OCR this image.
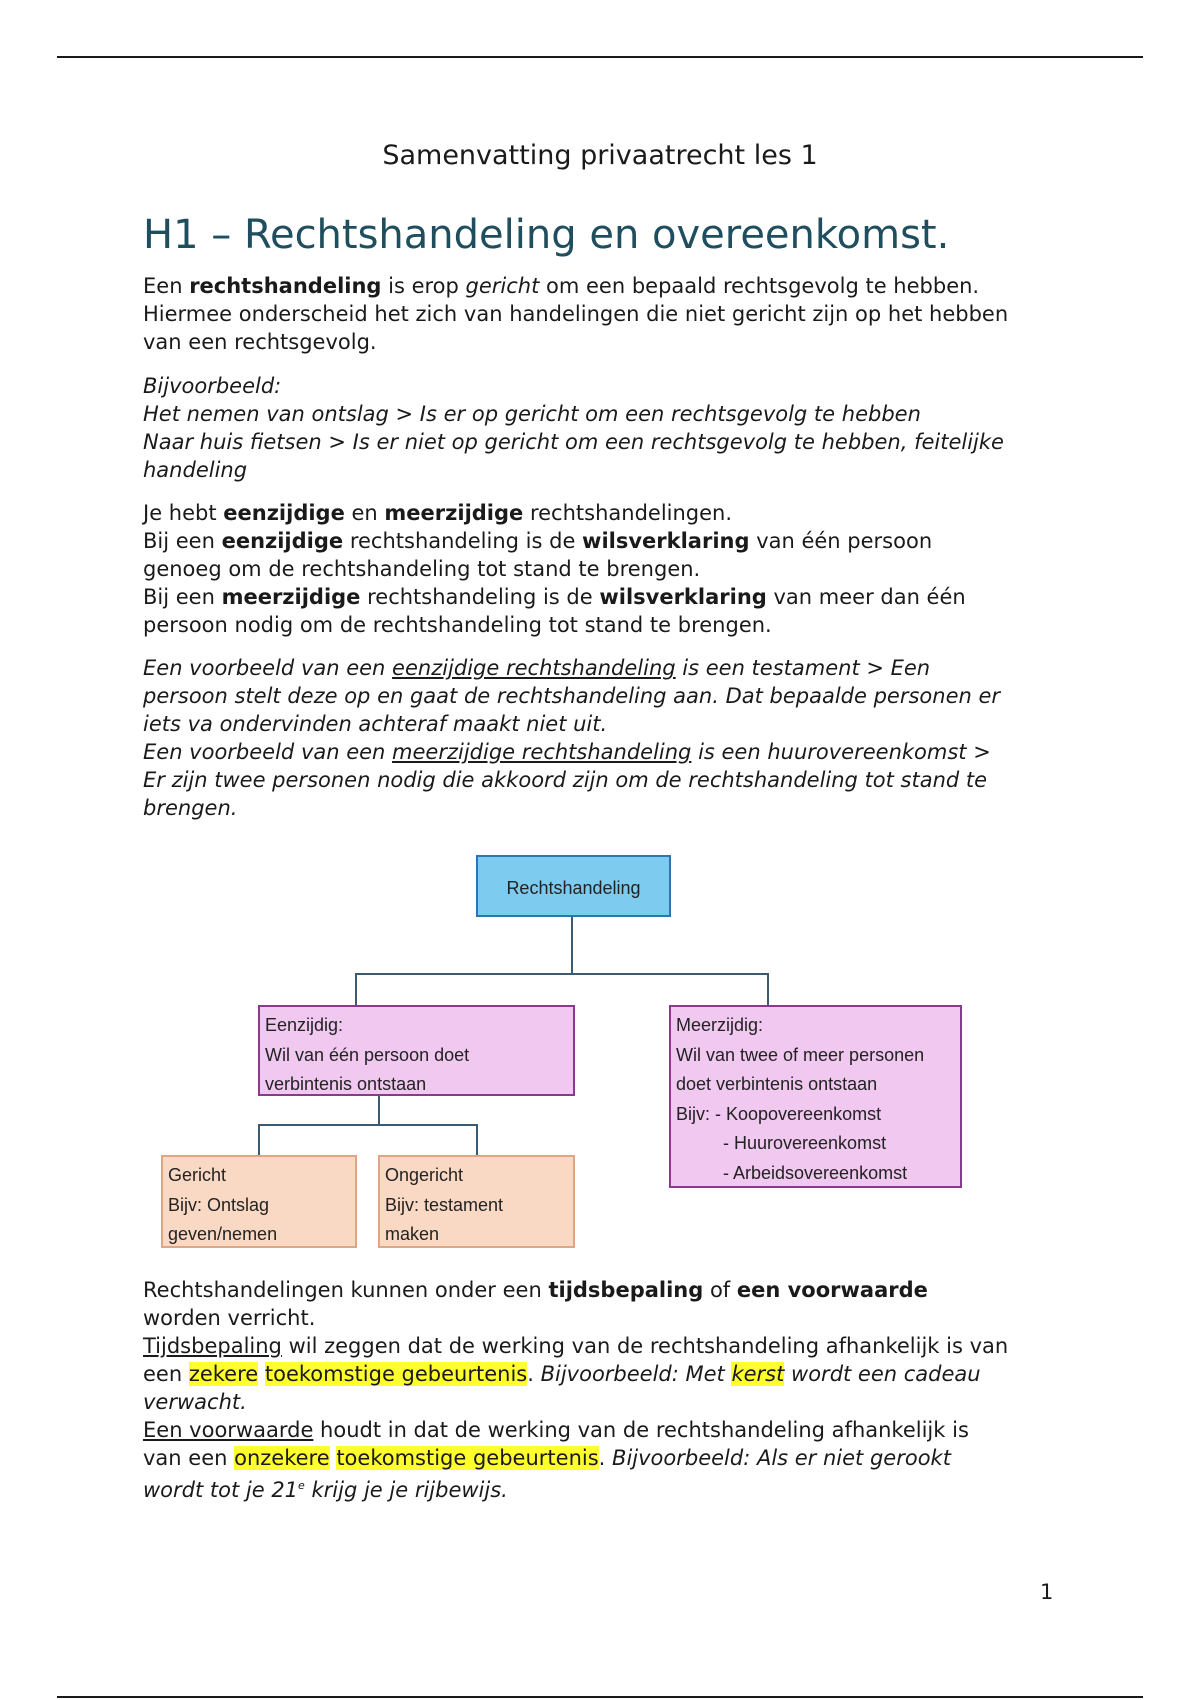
Samenvatting privaatrecht les 1
H1 – Rechtshandeling en overeenkomst.

Een rechtshandeling is erop gericht om een bepaald rechtsgevolg te hebben.

Hiermee onderscheid het zich van handelingen die niet gericht zijn op het hebben

van een rechtsgevolg.

Bijvoorbeeld:

Het nemen van ontslag > Is er op gericht om een rechtsgevolg te hebben

Naar huis fietsen > Is er niet op gericht om een rechtsgevolg te hebben, feitelijke

handeling

Je hebt eenzijdige en meerzijdige rechtshandelingen.

Bij een eenzijdige rechtshandeling is de wilsverklaring van één persoon

genoeg om de rechtshandeling tot stand te brengen.

Bij een meerzijdige rechtshandeling is de wilsverklaring van meer dan één

persoon nodig om de rechtshandeling tot stand te brengen.

Een voorbeeld van een eenzijdige rechtshandeling is een testament > Een

persoon stelt deze op en gaat de rechtshandeling aan. Dat bepaalde personen er

iets va ondervinden achteraf maakt niet uit.

Een voorbeeld van een meerzijdige rechtshandeling is een huurovereenkomst >

Er zijn twee personen nodig die akkoord zijn om de rechtshandeling tot stand te

brengen.

Rechtshandeling
Eenzijdig:
Wil van één persoon doet
verbintenis ontstaan
Meerzijdig:
Wil van twee of meer personen
doet verbintenis ontstaan
Bijv: - Koopovereenkomst
- Huurovereenkomst
- Arbeidsovereenkomst
Gericht
Bijv: Ontslag
geven/nemen
Ongericht
Bijv: testament
maken

Rechtshandelingen kunnen onder een tijdsbepaling of een voorwaarde

worden verricht.

Tijdsbepaling wil zeggen dat de werking van de rechtshandeling afhankelijk is van

een zekere toekomstige gebeurtenis. Bijvoorbeeld: Met kerst wordt een cadeau

verwacht.

Een voorwaarde houdt in dat de werking van de rechtshandeling afhankelijk is

van een onzekere toekomstige gebeurtenis. Bijvoorbeeld: Als er niet gerookt

wordt tot je 21e krijg je je rijbewijs.

1
